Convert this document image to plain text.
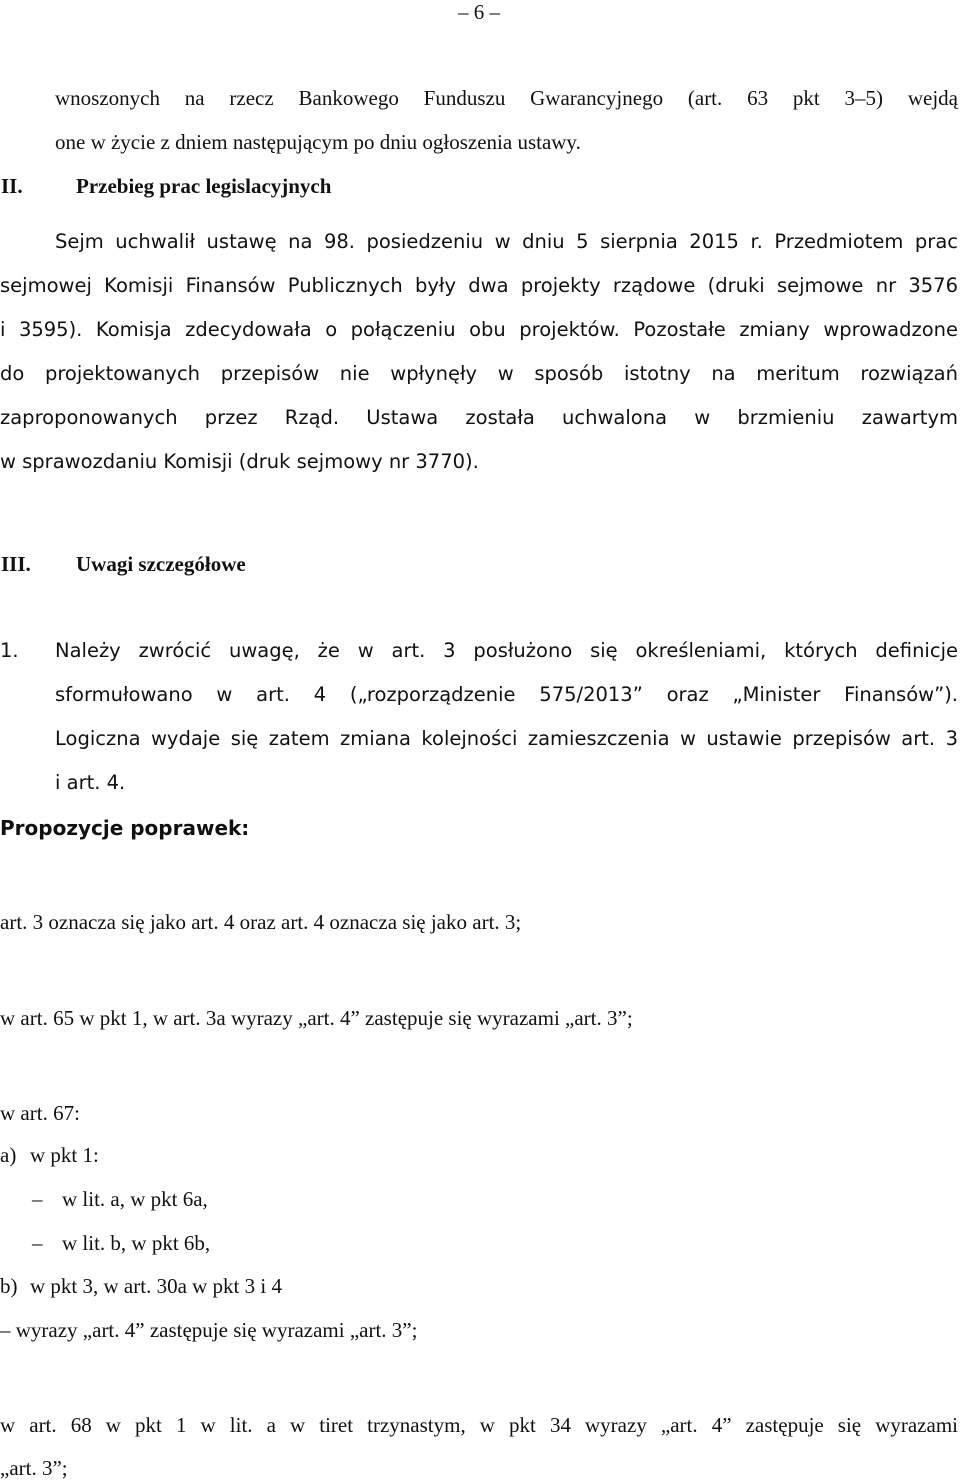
– 6 –
wnoszonych na rzecz Bankowego Funduszu Gwarancyjnego (art. 63 pkt 3–5) wejdą
one w życie z dniem następującym po dniu ogłoszenia ustawy.
II.	Przebieg prac legislacyjnych
Sejm uchwalił ustawę na 98. posiedzeniu w dniu 5 sierpnia 2015 r. Przedmiotem prac
sejmowej Komisji Finansów Publicznych były dwa projekty rządowe (druki sejmowe nr 3576
i 3595). Komisja zdecydowała o połączeniu obu projektów. Pozostałe zmiany wprowadzone
do projektowanych przepisów nie wpłynęły w sposób istotny na meritum rozwiązań
zaproponowanych przez Rząd. Ustawa została uchwalona w brzmieniu zawartym
w sprawozdaniu Komisji (druk sejmowy nr 3770).
III. Uwagi szczegółowe
1. Należy zwrócić uwagę, że w art. 3 posłużono się określeniami, których definicje
sformułowano w art. 4 („rozporządzenie 575/2013” oraz „Minister Finansów”).
Logiczna wydaje się zatem zmiana kolejności zamieszczenia w ustawie przepisów art. 3
i art. 4.
Propozycje poprawek:
art. 3 oznacza się jako art. 4 oraz art. 4 oznacza się jako art. 3;
w art. 65 w pkt 1, w art. 3a wyrazy „art. 4” zastępuje się wyrazami „art. 3”;
w art. 67:
a) w pkt 1:
– w lit. a, w pkt 6a,
– w lit. b, w pkt 6b,
b) w pkt 3, w art. 30a w pkt 3 i 4
– wyrazy „art. 4” zastępuje się wyrazami „art. 3”;
w art. 68 w pkt 1 w lit. a w tiret trzynastym, w pkt 34 wyrazy „art. 4” zastępuje się wyrazami
„art. 3”;
